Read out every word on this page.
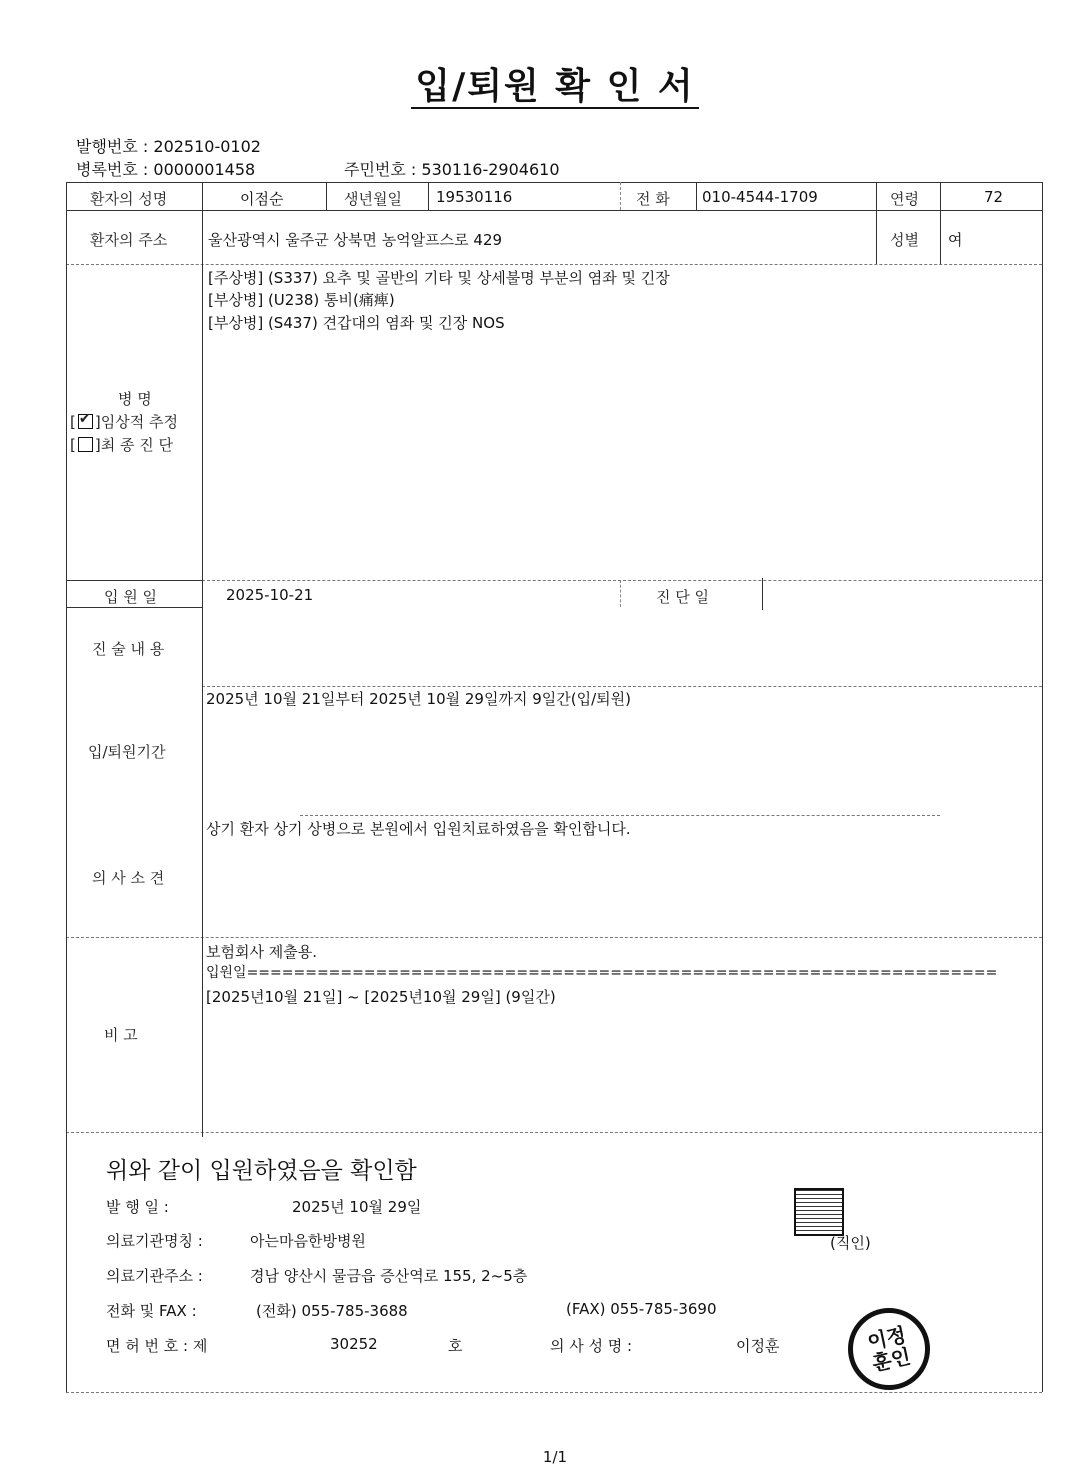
입/퇴원 확 인 서
발행번호 : 202510-0102
병록번호 : 0000001458	주민번호 : 530116-2904610
환자의 성명	이점순	생년월일 19530116	전 화 010-4544-1709	연령	72
환자의 주소	울산광역시 울주군 상북면 농억알프스로 429	성별 여
[주상병] (S337) 요추 및 골반의 기타 및 상세불명 부분의 염좌 및 긴장
[부상병] (U238) 통비(痛痺)
[부상병] (S437) 견갑대의 염좌 및 긴장 NOS
병 명
[✔ ]임상적 추정
[ ]최 종 진 단
입 원 일	2025-10-21	진 단 일
진 술 내 용
2025년 10월 21일부터 2025년 10월 29일까지 9일간(입/퇴원)
입/퇴원기간
상기 환자 상기 상병으로 본원에서 입원치료하였음을 확인합니다.
의 사 소 견
보험회사 제출용.
입원일================================================================
[2025년10월 21일] ~ [2025년10월 29일] (9일간)
비 고
위와 같이 입원하였음을 확인함
발 행 일 :	2025년 10월 29일
의료기관명칭 :	아는마음한방병원	(직인)
의료기관주소 :	경남 양산시 물금읍 증산역로 155, 2~5층
전화 및 FAX :	(전화) 055-785-3688	(FAX) 055-785-3690
면 허 번 호 : 제	30252	호	의 사 성 명 :	이정훈	이정훈인
1/1
